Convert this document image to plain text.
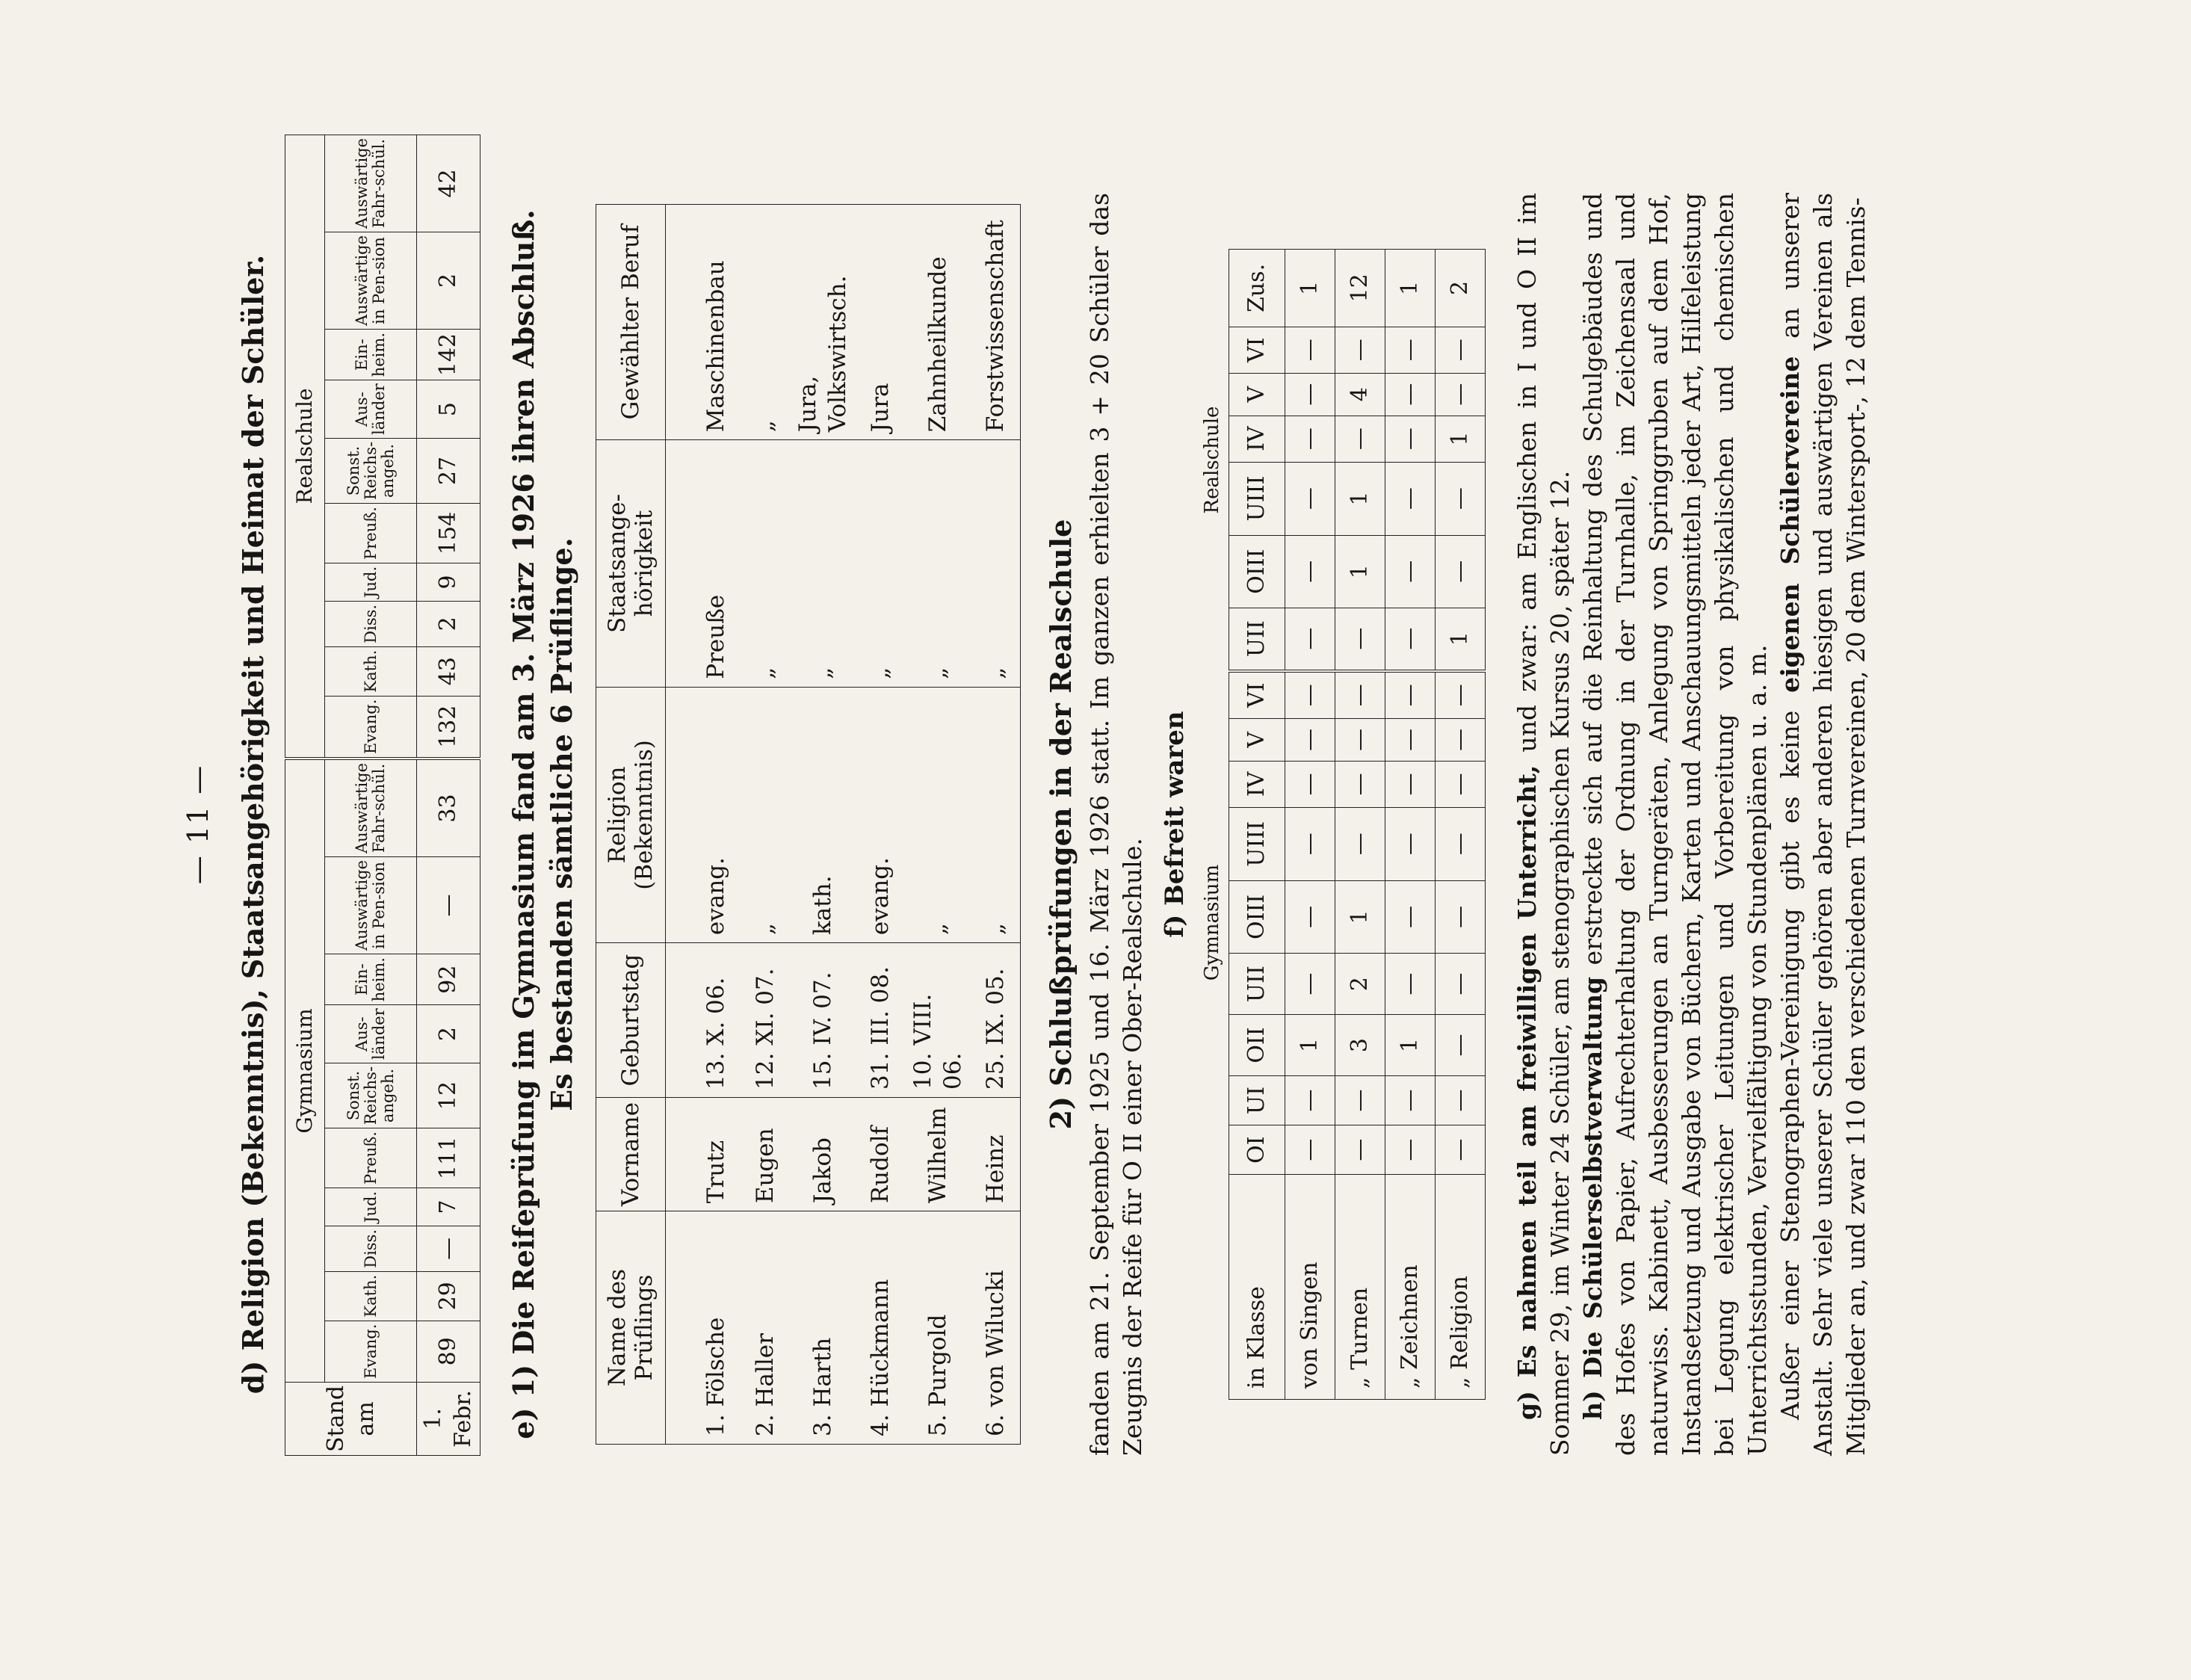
— 11 — d) Religion (Bekenntnis), Staatsangehörigkeit und Heimat der Schüler.
Stand am	Gymnasium										Realschule									
	Evang.	Kath.	Diss.	Jud.	Preuß.	Sonst. Reichs-angeh.	Aus-länder	Ein-heim.	Auswärtige in Pen-sion	Auswärtige Fahr-schül.	Evang.	Kath.	Diss.	Jud.	Preuß.	Sonst. Reichs-angeh.	Aus-länder	Ein-heim.	Auswärtige in Pen-sion	Auswärtige Fahr-schül.
1. Febr.	89	29	—	7	111	12	2	92	—	33	132	43	2	9	154	27	5	142	2	42
e) 1) Die Reifeprüfung im Gymnasium fand am 3. März 1926 ihren Abschluß. Es bestanden sämtliche 6 Prüflinge.
Name des Prüflings	Vorname	Geburtstag	Religion (Bekenntnis)	Staatsange-hörigkeit	Gewählter Beruf

1. Fölsche	Trutz	13. X. 06.	evang.	Preuße	Maschinenbau
2. Haller	Eugen	12. XI. 07.	„	„	„
3. Harth	Jakob	15. IV. 07.	kath.	„	Jura, Volkswirtsch.
4. Hückmann	Rudolf	31. III. 08.	evang.	„	Jura
5. Purgold	Wilhelm	10. VIII. 06.	„	„	Zahnheilkunde
6. von Wilucki	Heinz	25. IX. 05.	„	„	Forstwissenschaft
2) Schlußprüfungen in der Realschule fanden am 21. September 1925 und 16. März 1926 statt. Im ganzen erhielten 3 + 20 Schüler das Zeugnis der Reife für O II einer Ober-Realschule.

f) Befreit waren
	Gymnasium									Realschule						
in Klasse	OI	UI	OII	UII	OIII	UIII	IV	V	VI	UII	OIII	UIII	IV	V	VI	Zus.
von Singen	—	—	1	—	—	—	—	—	—	—	—	—	—	—	—	1
„ Turnen	—	—	3	2	1	—	—	—	—	—	1	1	—	4	—	12
„ Zeichnen	—	—	1	—	—	—	—	—	—	—	—	—	—	—	—	1
„ Religion	—	—	—	—	—	—	—	—	—	1	—	—	1	—	—	2

g) Es nahmen teil am freiwilligen Unterricht, und zwar: am Englischen in I und O II im Sommer 29, im Winter 24 Schüler, am stenographischen Kursus 20, später 12. h) Die Schülerselbstverwaltung erstreckte sich auf die Reinhaltung des Schulgebäudes und des Hofes von Papier, Aufrechterhaltung der Ordnung in der Turnhalle, im Zeichensaal und naturwiss. Kabinett, Ausbesserungen an Turngeräten, Anlegung von Springgruben auf dem Hof, Instandsetzung und Ausgabe von Büchern, Karten und Anschauungsmitteln jeder Art, Hilfeleistung bei Legung elektrischer Leitungen und Vorbereitung von physikalischen und chemischen Unterrichtsstunden, Vervielfältigung von Stundenplänen u. a. m. Außer einer Stenographen-Vereinigung gibt es keine eigenen Schülervereine an unserer Anstalt. Sehr viele unserer Schüler gehören aber anderen hiesigen und auswärtigen Vereinen als Mitglieder an, und zwar 110 den verschiedenen Turnvereinen, 20 dem Wintersport-, 12 dem Tennis-
